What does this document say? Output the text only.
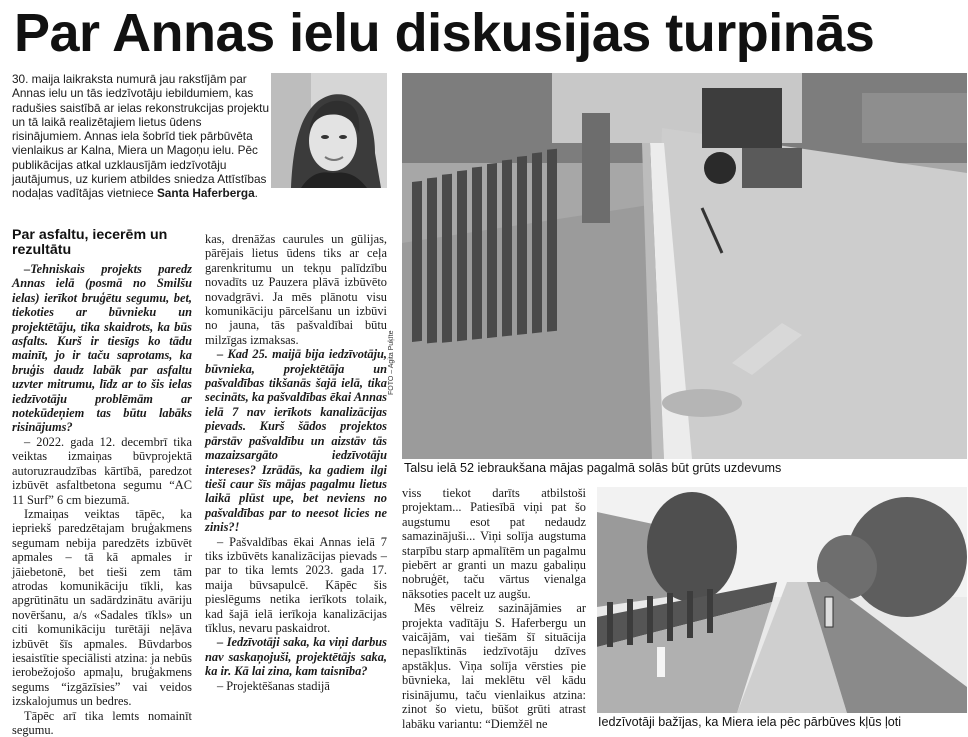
Par Annas ielu diskusijas turpinās
30. maija laikraksta numurā jau rakstījām par Annas ielu un tās iedzīvotāju iebildumiem, kas radušies saistībā ar ielas rekonstrukcijas projektu un tā laikā realizētajiem lietus ūdens risinājumiem. Annas iela šobrīd tiek pārbūvēta vienlaikus ar Kalna, Miera un Magoņu ielu. Pēc publikācijas atkal uzklausījām iedzīvotāju jautājumus, uz kuriem atbildes sniedza Attīstības nodaļas vadītājas vietniece Santa Haferberga.
Par asfaltu, iecerēm un rezultātu

–Tehniskais projekts paredz Annas ielā (posmā no Smilšu ielas) ierīkot bruģētu segumu, bet, tiekoties ar būvnieku un projektētāju, tika skaidrots, ka būs asfalts. Kurš ir tiesīgs ko tādu mainīt, jo ir taču saprotams, ka bruģis daudz labāk par asfaltu uzvter mitrumu, līdz ar to šis ielas iedzīvotāju problēmām ar notekūdeņiem tas būtu labāks risinājums?

– 2022. gada 12. decembrī tika veiktas izmaiņas būvprojektā autoruzraudzības kārtībā, paredzot izbūvēt asfaltbetona segumu “AC 11 Surf” 6 cm biezumā.

Izmaiņas veiktas tāpēc, ka iepriekš paredzētajam bruģakmens segumam nebija paredzēts izbūvēt apmales – tā kā apmales ir jāiebetonē, bet tieši zem tām atrodas komunikāciju tīkli, kas apgrūtinātu un sadārdzinātu avāriju novēršanu, a/s «Sadales tīkls» un citi komunikāciju turētāji neļāva izbūvēt šīs apmales. Būvdarbos iesaistītie speciālisti atzina: ja nebūs ierobežojošo apmaļu, bruģakmens segums “izgāzīsies” vai veidos izskalojumus un bedres.

Tāpēc arī tika lemts nomainīt segumu.

kas, drenāžas caurules un gūlijas, pārējais lietus ūdens tiks ar ceļa garenkritumu un tekņu palīdzību novadīts uz Pauzera plāvā izbūvēto novadgrāvi. Ja mēs plānotu visu komunikāciju pārcelšanu un izbūvi no jauna, tās pašvaldībai būtu milzīgas izmaksas.

– Kad 25. maijā bija iedzīvotāju, būvnieka, projektētāja un pašvaldības tikšanās šajā ielā, tika secināts, ka pašvaldības ēkai Annas ielā 7 nav ierīkots kanalizācijas pievads. Kurš šādos projektos pārstāv pašvaldību un aizstāv tās mazaizsargāto iedzīvotāju intereses? Izrādās, ka gadiem ilgi tieši caur šīs mājas pagalmu lietus laikā plūst upe, bet neviens no pašvaldības par to neesot licies ne zinis?!

– Pašvaldības ēkai Annas ielā 7 tiks izbūvēts kanalizācijas pievads – par to tika lemts 2023. gada 17. maija būvsapulcē. Kāpēc šis pieslēgums netika ierīkots tolaik, kad šajā ielā ierīkoja kanalizācijas tīklus, nevaru paskaidrot.

– Iedzīvotāji saka, ka viņi darbus nav saskaņojuši, projektētājs saka, ka ir. Kā lai zina, kam taisnība?

– Projektēšanas stadijā

viss tiekot darīts atbilstoši projektam... Patiesībā viņi pat šo augstumu esot pat nedaudz samazinājuši... Viņi solīja augstuma starpību starp apmalītēm un pagalmu piebērt ar granti un mazu gabaliņu nobruģēt, taču vārtus vienalga nāksoties pacelt uz augšu.

Mēs vēlreiz sazinājāmies ar projekta vadītāju S. Haferbergu un vaicājām, vai tiešām šī situācija nepaslīktinās iedzīvotāju dzīves apstākļus. Viņa solīja vērsties pie būvnieka, lai meklētu vēl kādu risinājumu, taču vienlaikus atzina: zinot šo vietu, būšot grūti atrast labāku variantu: “Diemžēl ne

FOTO – Agita Puķīte
Talsu ielā 52 iebraukšana mājas pagalmā solās būt grūts uzdevums
Iedzīvotāji bažījas, ka Miera iela pēc pārbūves kļūs ļoti
